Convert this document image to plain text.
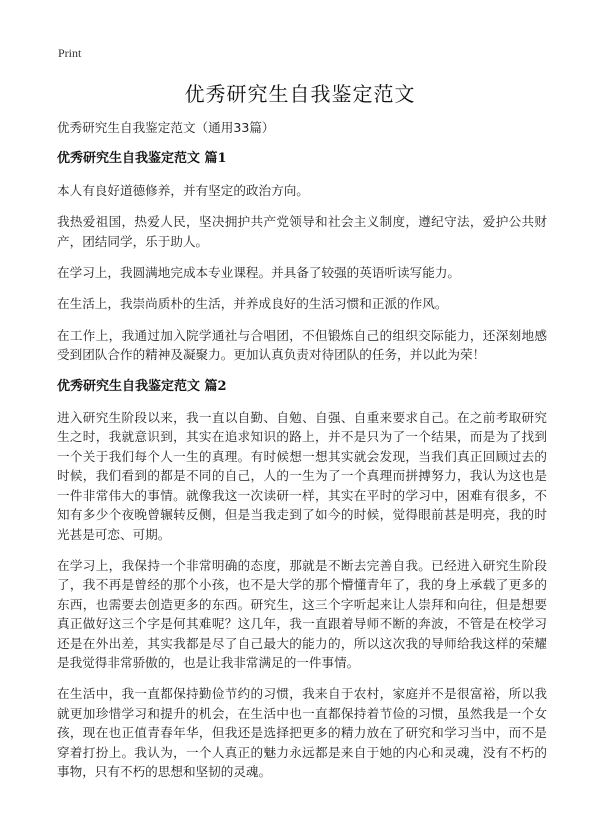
Print
优秀研究生自我鉴定范文

优秀研究生自我鉴定范文（通用33篇）

优秀研究生自我鉴定范文 篇1

本人有良好道德修养，并有坚定的政治方向。

我热爱祖国，热爱人民，坚决拥护共产党领导和社会主义制度，遵纪守法，爱护公共财产，团结同学，乐于助人。

在学习上，我圆满地完成本专业课程。并具备了较强的英语听读写能力。

在生活上，我崇尚质朴的生活，并养成良好的生活习惯和正派的作风。

在工作上，我通过加入院学通社与合唱团，不但锻炼自己的组织交际能力，还深刻地感受到团队合作的精神及凝聚力。更加认真负责对待团队的任务，并以此为荣！

优秀研究生自我鉴定范文 篇2

进入研究生阶段以来，我一直以自勤、自勉、自强、自重来要求自己。在之前考取研究生之时，我就意识到，其实在追求知识的路上，并不是只为了一个结果，而是为了找到一个关于我们每个人一生的真理。有时候想一想其实就会发现，当我们真正回顾过去的时候，我们看到的都是不同的自己，人的一生为了一个真理而拼搏努力，我认为这也是一件非常伟大的事情。就像我这一次读研一样，其实在平时的学习中，困难有很多，不知有多少个夜晚曾辗转反侧，但是当我走到了如今的时候，觉得眼前甚是明亮，我的时光甚是可恋、可期。

在学习上，我保持一个非常明确的态度，那就是不断去完善自我。已经进入研究生阶段了，我不再是曾经的那个小孩，也不是大学的那个懵懂青年了，我的身上承载了更多的东西，也需要去创造更多的东西。研究生，这三个字听起来让人崇拜和向往，但是想要真正做好这三个字是何其难呢？这几年，我一直跟着导师不断的奔波，不管是在校学习还是在外出差，其实我都是尽了自己最大的能力的，所以这次我的导师给我这样的荣耀是我觉得非常骄傲的，也是让我非常满足的一件事情。

在生活中，我一直都保持勤俭节约的习惯，我来自于农村，家庭并不是很富裕，所以我就更加珍惜学习和提升的机会，在生活中也一直都保持着节俭的习惯，虽然我是一个女孩，现在也正值青春年华，但我还是选择把更多的精力放在了研究和学习当中，而不是穿着打扮上。我认为，一个人真正的魅力永远都是来自于她的内心和灵魂，没有不朽的事物，只有不朽的思想和坚韧的灵魂。
